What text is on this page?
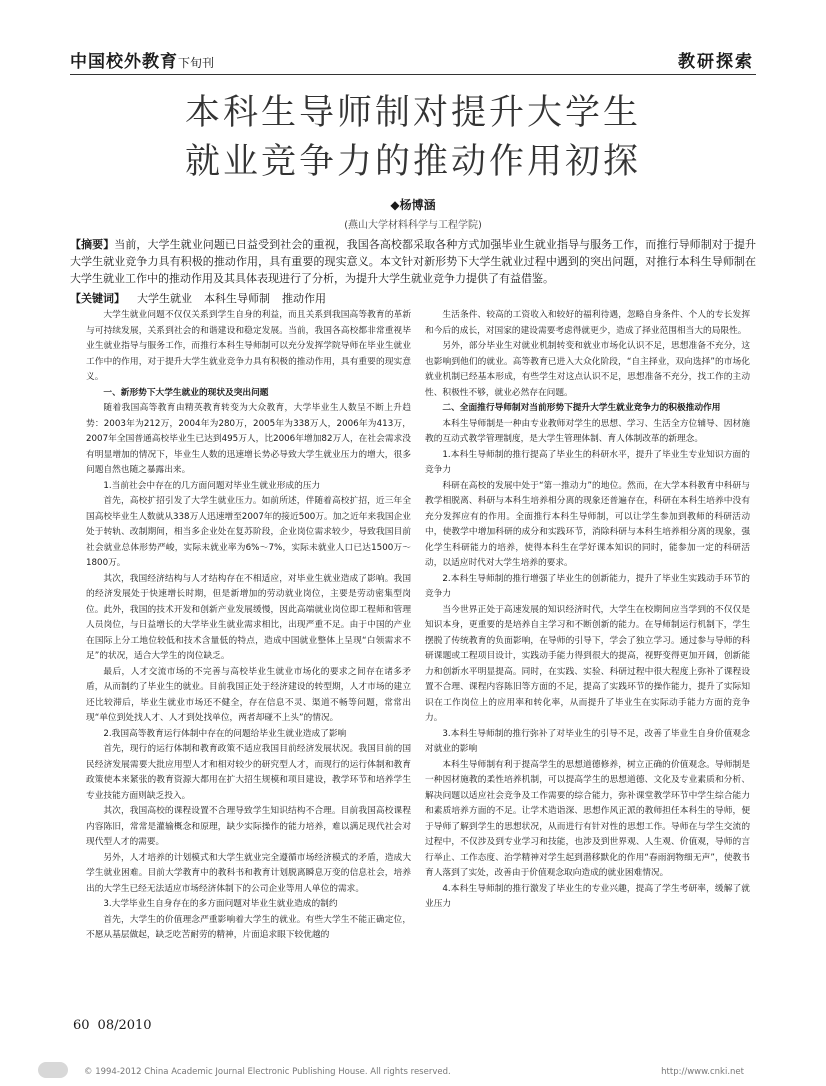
中国校外教育下旬刊	教研探索
本科生导师制对提升大学生
就业竞争力的推动作用初探
◆杨博涵
(燕山大学材料科学与工程学院)
【摘要】当前，大学生就业问题已日益受到社会的重视，我国各高校都采取各种方式加强毕业生就业指导与服务工作，而推行导师制对于提升大学生就业竞争力具有积极的推动作用，具有重要的现实意义。本文针对新形势下大学生就业过程中遇到的突出问题，对推行本科生导师制在大学生就业工作中的推动作用及其具体表现进行了分析，为提升大学生就业竞争力提供了有益借鉴。
【关键词】 大学生就业 本科生导师制 推动作用

大学生就业问题不仅仅关系到学生自身的利益，而且关系到我国高等教育的革新与可持续发展，关系到社会的和谐建设和稳定发展。当前，我国各高校都非常重视毕业生就业指导与服务工作，而推行本科生导师制可以充分发挥学院导师在毕业生就业工作中的作用，对于提升大学生就业竞争力具有积极的推动作用，具有重要的现实意义。

一、新形势下大学生就业的现状及突出问题

随着我国高等教育由精英教育转变为大众教育，大学毕业生人数呈不断上升趋势：2003年为212万，2004年为280万，2005年为338万人，2006年为413万，2007年全国普通高校毕业生已达到495万人，比2006年增加82万人，在社会需求没有明显增加的情况下，毕业生人数的迅速增长势必导致大学生就业压力的增大，很多问题自然也随之暴露出来。

1.当前社会中存在的几方面问题对毕业生就业形成的压力

首先，高校扩招引发了大学生就业压力。如前所述，伴随着高校扩招，近三年全国高校毕业生人数就从338万人迅速增至2007年的接近500万。加之近年来我国企业处于转轨、改制期间，相当多企业处在复苏阶段，企业岗位需求较少，导致我国目前社会就业总体形势严峻，实际未就业率为6%～7%，实际未就业人口已达1500万～1800万。

其次，我国经济结构与人才结构存在不相适应，对毕业生就业造成了影响。我国的经济发展处于快速增长时期，但是新增加的劳动就业岗位，主要是劳动密集型岗位。此外，我国的技术开发和创新产业发展缓慢，因此高端就业岗位即工程师和管理人员岗位，与日益增长的大学毕业生就业需求相比，出现严重不足。由于中国的产业在国际上分工地位较低和技术含量低的特点，造成中国就业整体上呈现“白领需求不足”的状况，适合大学生的岗位缺乏。

最后，人才交流市场的不完善与高校毕业生就业市场化的要求之间存在诸多矛盾，从而制约了毕业生的就业。目前我国正处于经济建设的转型期，人才市场的建立还比较滞后，毕业生就业市场还不健全，存在信息不灵、渠道不畅等问题，常常出现“单位到处找人才、人才到处找单位，两者却碰不上头”的情况。

2.我国高等教育运行体制中存在的问题给毕业生就业造成了影响

首先，现行的运行体制和教育政策不适应我国目前经济发展状况。我国目前的国民经济发展需要大批应用型人才和相对较少的研究型人才，而现行的运行体制和教育政策使本来紧张的教育资源大都用在扩大招生规模和项目建设，教学环节和培养学生专业技能方面则缺乏投入。

其次，我国高校的课程设置不合理导致学生知识结构不合理。目前我国高校课程内容陈旧，常常是灌输概念和原理，缺少实际操作的能力培养，难以满足现代社会对现代型人才的需要。

另外，人才培养的计划模式和大学生就业完全遵循市场经济模式的矛盾，造成大学生就业困难。目前大学教育中的教科书和教育计划脱离瞬息万变的信息社会，培养出的大学生已经无法适应市场经济体制下的公司企业等用人单位的需求。

3.大学毕业生自身存在的多方面问题对毕业生就业造成的制约

首先，大学生的价值理念严重影响着大学生的就业。有些大学生不能正确定位，不愿从基层做起，缺乏吃苦耐劳的精神，片面追求眼下较优越的

生活条件、较高的工资收入和较好的福利待遇，忽略自身条件、个人的专长发挥和今后的成长，对国家的建设需要考虑得就更少，造成了择业范围相当大的局限性。

另外，部分毕业生对就业机制转变和就业市场化认识不足，思想准备不充分，这也影响到他们的就业。高等教育已进入大众化阶段，“自主择业，双向选择”的市场化就业机制已经基本形成，有些学生对这点认识不足，思想准备不充分，找工作的主动性、积极性不够，就业必然存在问题。

二、全面推行导师制对当前形势下提升大学生就业竞争力的积极推动作用

本科生导师制是一种由专业教师对学生的思想、学习、生活全方位辅导、因材施教的互动式教学管理制度，是大学生管理体制、育人体制改革的新理念。

1.本科生导师制的推行提高了毕业生的科研水平，提升了毕业生专业知识方面的竞争力

科研在高校的发展中处于“第一推动力”的地位。然而，在大学本科教育中科研与教学相脱离、科研与本科生培养相分离的现象还普遍存在，科研在本科生培养中没有充分发挥应有的作用。全面推行本科生导师制，可以让学生参加到教师的科研活动中，使教学中增加科研的成分和实践环节，消除科研与本科生培养相分离的现象，强化学生科研能力的培养，使得本科生在学好课本知识的同时，能参加一定的科研活动，以适应时代对大学生培养的要求。

2.本科生导师制的推行增强了毕业生的创新能力，提升了毕业生实践动手环节的竞争力

当今世界正处于高速发展的知识经济时代，大学生在校期间应当学到的不仅仅是知识本身，更重要的是培养自主学习和不断创新的能力。在导师制运行机制下，学生摆脱了传统教育的负面影响，在导师的引导下，学会了独立学习。通过参与导师的科研课题或工程项目设计，实践动手能力得到很大的提高，视野变得更加开阔，创新能力和创新水平明显提高。同时，在实践、实验、科研过程中很大程度上弥补了课程设置不合理、课程内容陈旧等方面的不足，提高了实践环节的操作能力，提升了实际知识在工作岗位上的应用率和转化率，从而提升了毕业生在实际动手能力方面的竞争力。

3.本科生导师制的推行弥补了对毕业生的引导不足，改善了毕业生自身价值观念对就业的影响

本科生导师制有利于提高学生的思想道德修养，树立正确的价值观念。导师制是一种因材施教的柔性培养机制，可以提高学生的思想道德、文化及专业素质和分析、解决问题以适应社会竞争及工作需要的综合能力，弥补课堂教学环节中学生综合能力和素质培养方面的不足。让学术造诣深、思想作风正派的教师担任本科生的导师，便于导师了解到学生的思想状况，从而进行有针对性的思想工作。导师在与学生交流的过程中，不仅涉及到专业学习和技能，也涉及到世界观、人生观、价值观，导师的言行举止、工作态度、治学精神对学生起到潜移默化的作用“春雨润物细无声”，使教书育人落到了实处，改善由于价值观念取向造成的就业困难情况。

4.本科生导师制的推行激发了毕业生的专业兴趣，提高了学生考研率，缓解了就业压力

60 08/2010
© 1994-2012 China Academic Journal Electronic Publishing House. All rights reserved.	http://www.cnki.net
